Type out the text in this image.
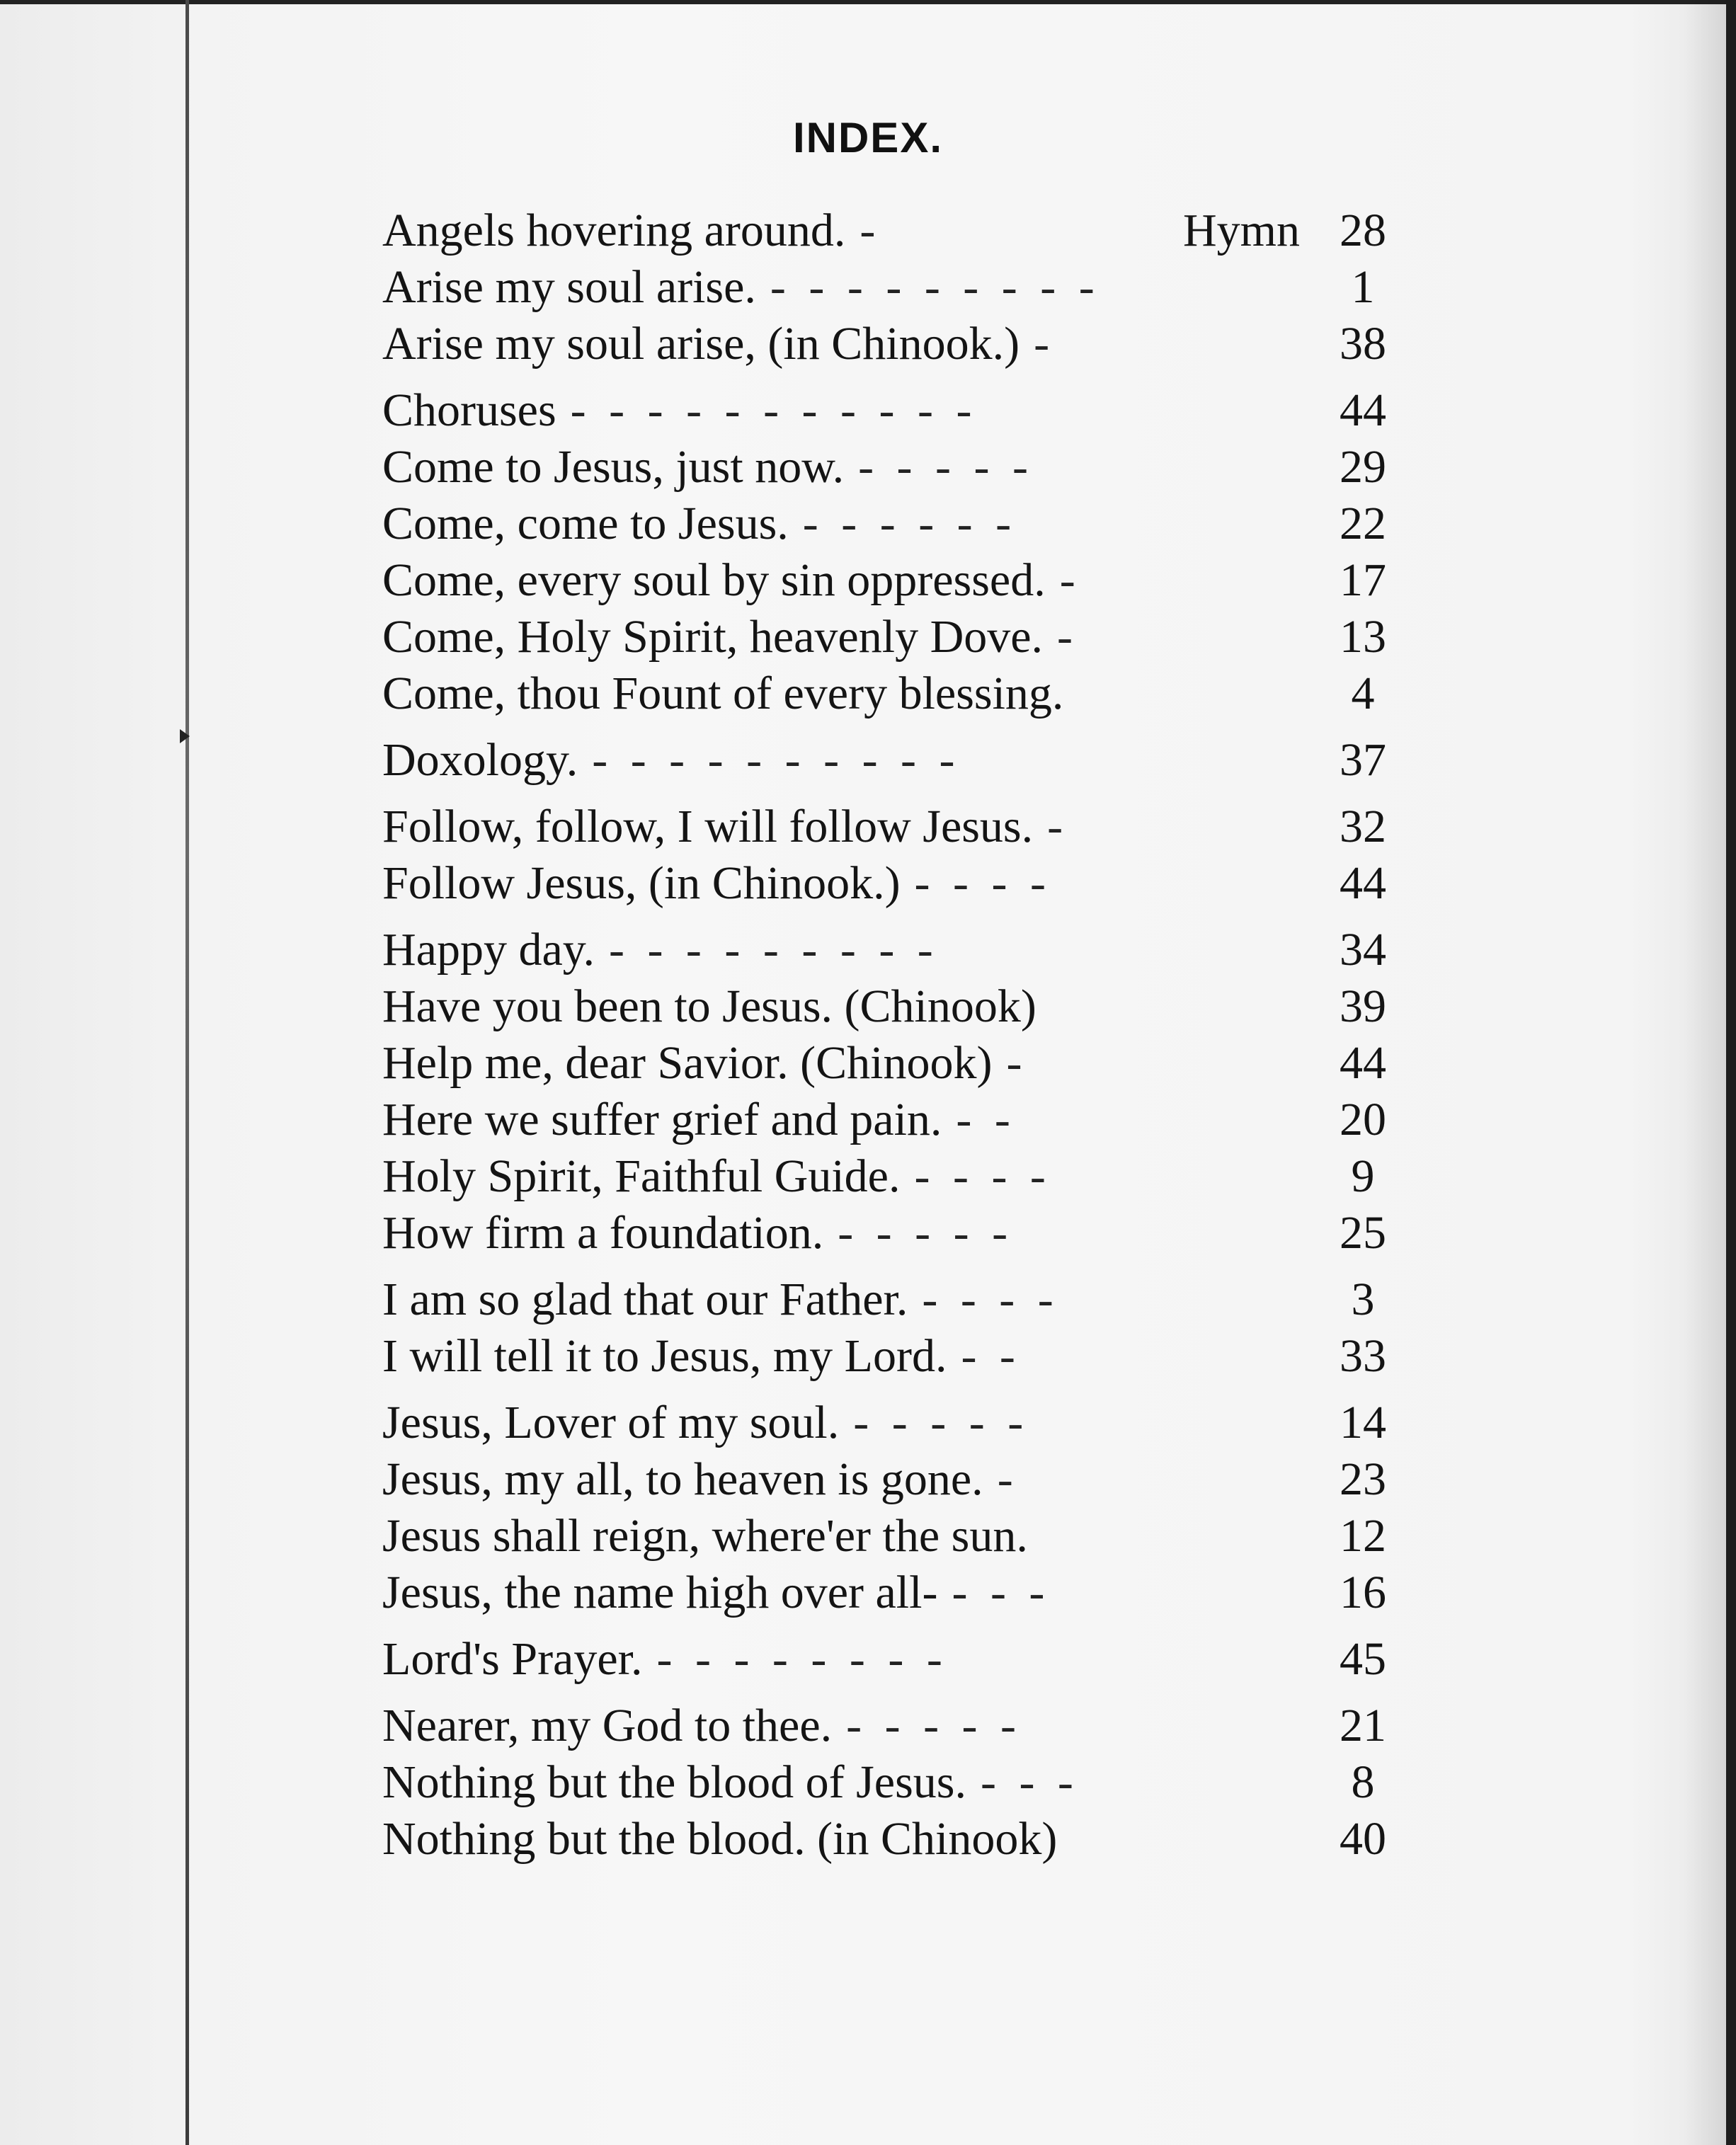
INDEX.
Angels hovering around. -	Hymn 28
Arise my soul arise. - - - - - - - - -	1
Arise my soul arise, (in Chinook.) -	38
Choruses - - - - - - - - - - -	44
Come to Jesus, just now. - - - - -	29
Come, come to Jesus. - - - - - -	22
Come, every soul by sin oppressed. -	17
Come, Holy Spirit, heavenly Dove. -	13
Come, thou Fount of every blessing.	4
Doxology. - - - - - - - - - -	37
Follow, follow, I will follow Jesus. -	32
Follow Jesus, (in Chinook.) - - - -	44
Happy day. - - - - - - - - -	34
Have you been to Jesus. (Chinook)	39
Help me, dear Savior. (Chinook) -	44
Here we suffer grief and pain. - -	20
Holy Spirit, Faithful Guide. - - - -	9
How firm a foundation. - - - - -	25
I am so glad that our Father. - - - -	3
I will tell it to Jesus, my Lord. - -	33
Jesus, Lover of my soul. - - - - -	14
Jesus, my all, to heaven is gone. -	23
Jesus shall reign, where'er the sun.	12
Jesus, the name high over all- - - -	16
Lord's Prayer. - - - - - - - -	45
Nearer, my God to thee. - - - - -	21
Nothing but the blood of Jesus. - - -	8
Nothing but the blood. (in Chinook)	40
